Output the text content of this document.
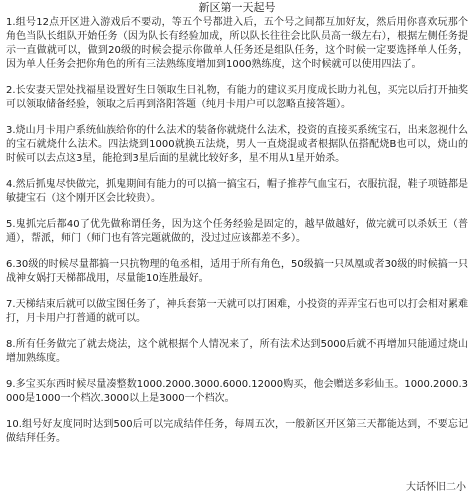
新区第一天起号

1.组号12点开区进入游戏后不要动，等五个号都进入后，五个号之间都互加好友，然后用你喜欢玩那个角色当队长组队开始任务（因为队长有经验加成，所以队长往往会比队员高一级左右），根据左侧任务提示一直做就可以，做到20级的时候会提示你做单人任务还是组队任务，这个时候一定要选择单人任务，因为单人任务会把你角色的所有三法熟练度增加到1000熟练度，这个时候就可以使用四法了。

2.长安妻天罡处找福星设置好生日领取生日礼物，有能力的建议买月度成长助力礼包，买完以后打开抽奖可以领取储备经验，领取之后再到洛阳答题（纯月卡用户可以忽略直接答题）。

3.烧山月卡用户系统仙族给你的什么法术的装备你就烧什么法术，投资的直接买系统宝石，出来忽视什么的宝石就烧什么法术。四法烧到1000就换五法烧，男人一直烧混或者根据队伍搭配烧B也可以，烧山的时候可以去点这3星，能抢到3星后面的星就比较好多，星不用从1星开始杀。

4.然后抓鬼尽快做完，抓鬼期间有能力的可以搞一搞宝石，帽子推荐气血宝石，衣服抗混，鞋子项链都是敏捷宝石（这个刚开区会比较贵）。

5.鬼抓完后都40了优先做称谓任务，因为这个任务经验是固定的，越早做越好，做完就可以杀妖王（普通），帮派，师门（师门也有答完题就做的，没过过应该都差不多）。

6.30级的时候尽量都搞一只抗物理的龟丞相，适用于所有角色，50级搞一只凤凰或者30级的时候搞一只战神女娲打天梯都战用，尽量能10连胜最好。

7.天梯结束后就可以做宝图任务了，神兵套第一天就可以打困难，小投资的弄弄宝石也可以打会相对累难打，月卡用户打普通的就可以。

8.所有任务做完了就去烧法，这个就根据个人情况来了，所有法术达到5000后就不再增加只能通过烧山增加熟练度。

9.多宝买东西时候尽量凑整数1000.2000.3000.6000.12000购买，他会赠送多彩仙玉。1000.2000.3000是1000一个档次.3000以上是3000一个档次。

10.组号好友度同时达到500后可以完成结伴任务，每周五次，一般新区开区第三天都能达到，不要忘记做结拜任务。

大话怀旧二小
